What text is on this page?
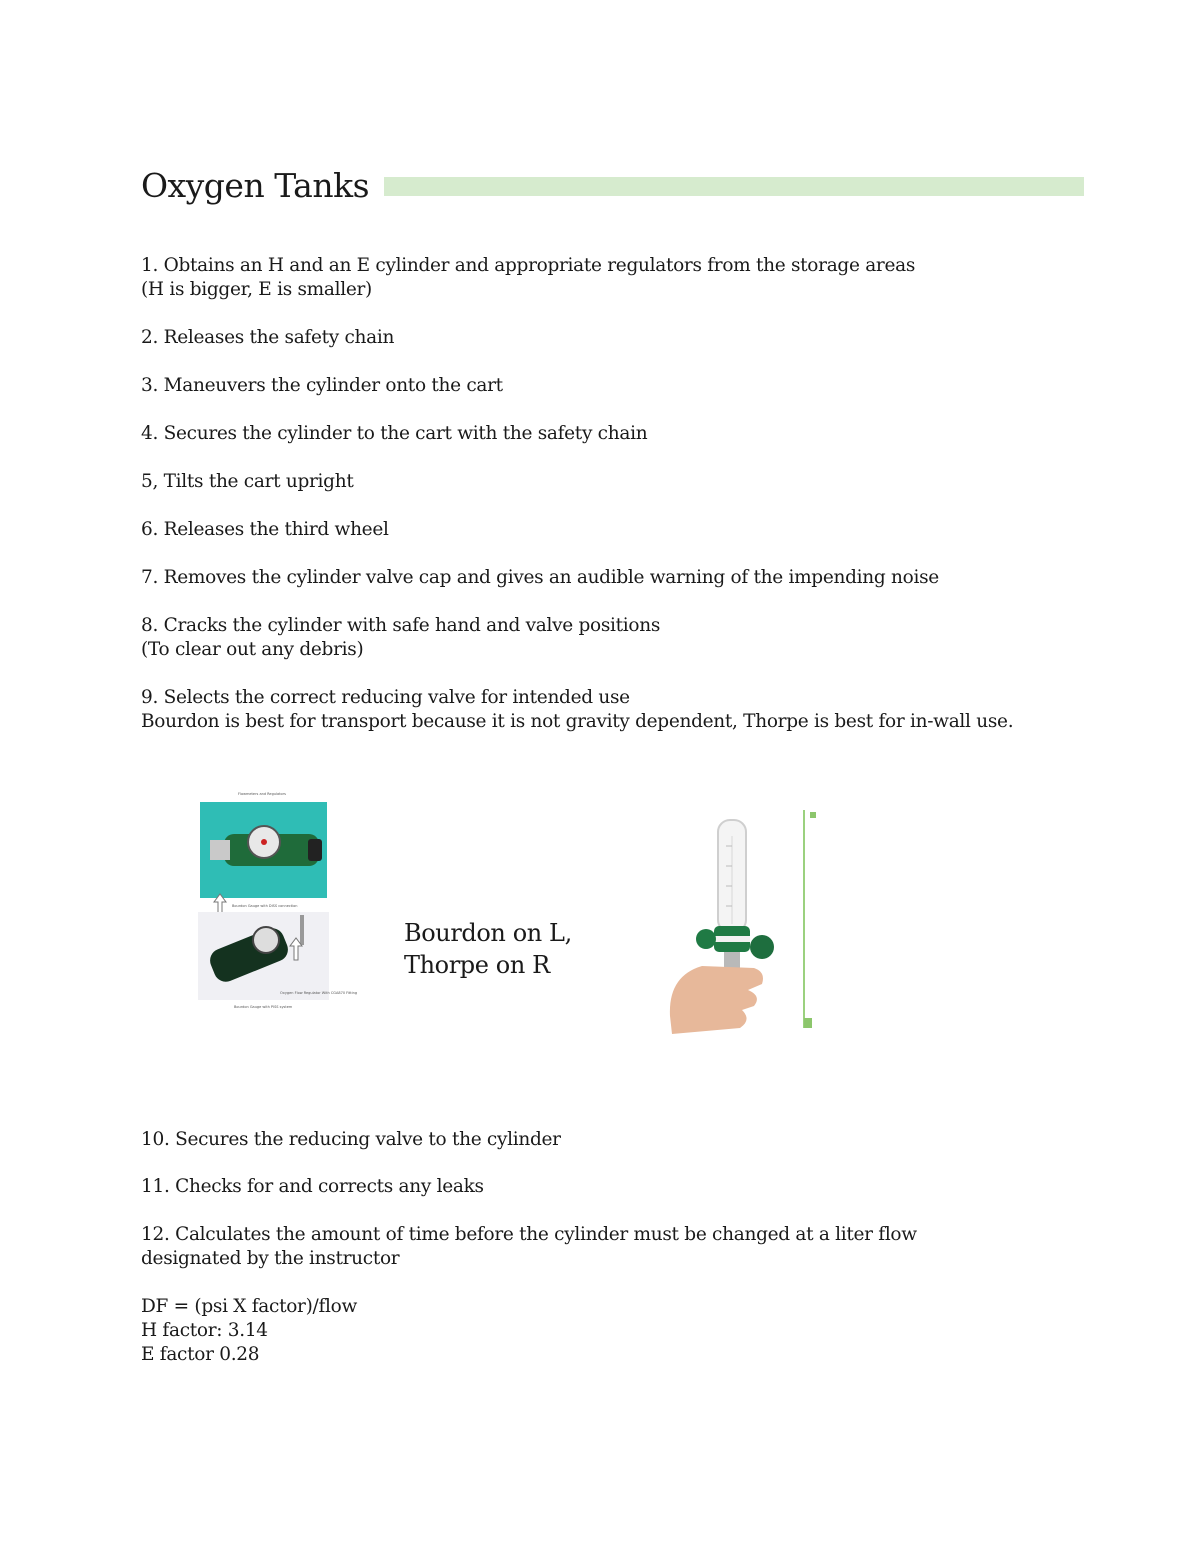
Oxygen Tanks
1. Obtains an H and an E cylinder and appropriate regulators from the storage areas
(H is bigger, E is smaller)
2. Releases the safety chain
3. Maneuvers the cylinder onto the cart
4. Secures the cylinder to the cart with the safety chain
5, Tilts the cart upright
6. Releases the third wheel
7. Removes the cylinder valve cap and gives an audible warning of the impending noise
8. Cracks the cylinder with safe hand and valve positions
(To clear out any debris)
9. Selects the correct reducing valve for intended use
Bourdon is best for transport because it is not gravity dependent, Thorpe is best for in-wall use.
Flowmeters and Regulators
Bourdon Gauge with DISS connection
Oxygen Flow Regulator With CGA870 Fitting
Bourdon Gauge with PISS system
Bourdon on L,
Thorpe on R
10. Secures the reducing valve to the cylinder
11. Checks for and corrects any leaks
12. Calculates the amount of time before the cylinder must be changed at a liter flow
designated by the instructor
DF = (psi X factor)/flow
H factor: 3.14
E factor 0.28
